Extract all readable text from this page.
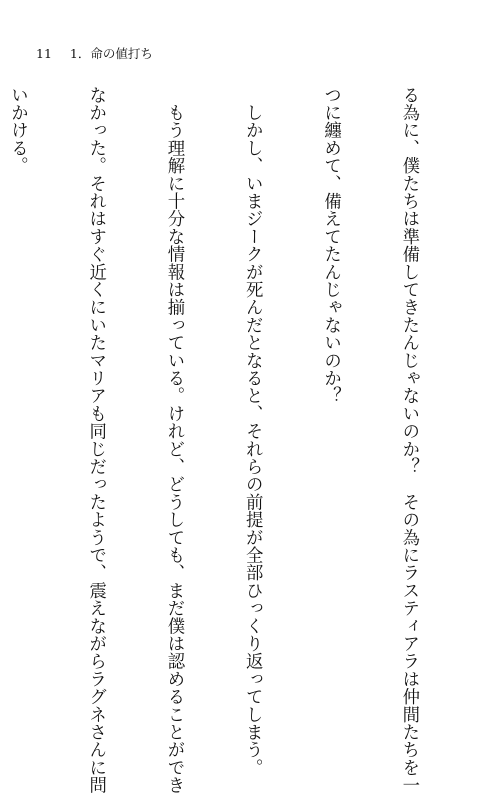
11 1．命の値打ち

る為に、僕たちは準備してきたんじゃないのか？　その為にラスティアラは仲間たちを一

つに纏めて、備えてたんじゃないのか？

　しかし、いまジークが死んだとなると、それらの前提が全部ひっくり返ってしまう。

　もう理解に十分な情報は揃っている。けれど、どうしても、まだ僕は認めることができ

なかった。それはすぐ近くにいたマリアも同じだったようで、震えながらラグネさんに問

いかける。
